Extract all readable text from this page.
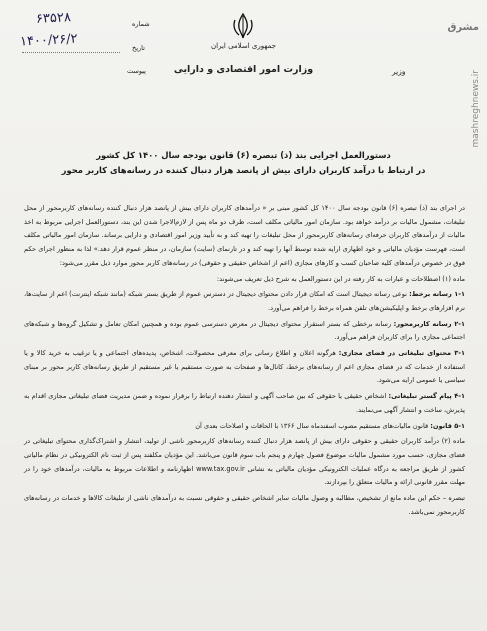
جمهوری اسلامی ایران
وزارت امور اقتصادی و دارایی	وزیر
شماره
۶۳۵۲۸
تاریخ
۱۴۰۰/۲۶/۲
پیوست
مشرق
mashreghnews.ir
دستورالعمل اجرایی بند (ذ) تبصره (۶) قانون بودجه سال ۱۴۰۰ کل کشور
در ارتباط با درآمد کاربران دارای بیش از پانصد هزار دنبال کننده در رسانه‌های کاربر محور

در اجرای بند (ذ) تبصره (۶) قانون بودجه سال ۱۴۰۰ کل کشور مبنی بر « درآمدهای کاربران دارای بیش از پانصد هزار دنبال کننده رسانه‌های کاربرمحور از محل تبلیغات، مشمول مالیات بر درآمد خواهد بود. سازمان امور مالیاتی مکلف است، ظرف دو ماه پس از لازم‌الاجرا شدن این بند، دستورالعمل اجرایی مربوط به اخذ مالیات از درآمدهای کاربران حرفه‌ای رسانه‌های کاربرمحور از محل تبلیغات را تهیه کند و به تأیید وزیر امور اقتصادی و دارایی برساند. سازمان امور مالیاتی مکلف است، فهرست مؤدیان مالیاتی و خود اظهاری ارایه شده توسط آنها را تهیه کند و در تارنمای (سایت) سازمان، در منظر عموم قرار دهد.» لذا به منظور اجرای حکم فوق در خصوص درآمدهای کلیه صاحبان کسب و کارهای مجازی (اعم از اشخاص حقیقی و حقوقی) در رسانه‌های کاربر محور موارد ذیل مقرر می‌شود:

ماده (۱) اصطلاحات و عبارات به کار رفته در این دستورالعمل به شرح ذیل تعریف می‌شوند:

۱-۱ رسانه برخط: نوعی رسانه دیجیتال است که امکان قرار دادن محتوای دیجیتال در دسترس عموم از طریق بستر شبکه (مانند شبکه اینترنت) اعم از سایت‌ها، نرم افزارهای برخط و اپلیکیشن‌های تلفن همراه برخط را فراهم می‌آورد.

۲-۱ رسانه کاربرمحور: رسانه برخطی که بستر استقرار محتوای دیجیتال در معرض دسترسی عموم بوده و همچنین امکان تعامل و تشکیل گروه‌ها و شبکه‌های اجتماعی مجازی را برای کاربران فراهم می‌آورد.

۳-۱ محتوای تبلیغاتی در فضای مجازی: هرگونه اعلان و اطلاع رسانی برای معرفی محصولات، اشخاص، پدیده‌های اجتماعی و یا ترغیب به خرید کالا و یا استفاده از خدمات که در فضای مجازی اعم از رسانه‌های برخط، کانال‌ها و صفحات به صورت مستقیم یا غیر مستقیم از طریق رسانه‌های کاربر محور بر مبنای سیاسی یا عمومی ارایه می‌شود.

۴-۱ پیام گستر تبلیغاتی: اشخاص حقیقی یا حقوقی که بین صاحب آگهی و انتشار دهنده ارتباط را برقرار نموده و ضمن مدیریت فضای تبلیغاتی مجازی اقدام به پذیرش، ساخت و انتشار آگهی می‌نمایند.

۵-۱ قانون: قانون مالیات‌های مستقیم مصوب اسفندماه سال ۱۳۶۶ با الحاقات و اصلاحات بعدی آن

ماده (۲) درآمد کاربران حقیقی و حقوقی دارای بیش از پانصد هزار دنبال کننده رسانه‌های کاربرمحور ناشی از تولید، انتشار و اشتراک‌گذاری محتوای تبلیغاتی در فضای مجازی، حسب مورد مشمول مالیات موضوع فصول چهارم و پنجم باب سوم قانون می‌باشد. این مؤدیان مکلفند پس از ثبت نام الکترونیکی در نظام مالیاتی کشور از طریق مراجعه به درگاه عملیات الکترونیکی مؤدیان مالیاتی به نشانی www.tax.gov.ir اظهارنامه و اطلاعات مربوط به مالیات، درآمدهای خود را در مهلت مقرر قانونی ارائه و مالیات متعلق را بپردازند.

تبصره – حکم این ماده مانع از تشخیص، مطالبه و وصول مالیات سایر اشخاص حقیقی و حقوقی نسبت به درآمدهای ناشی از تبلیغات کالاها و خدمات در رسانه‌های کاربرمحور نمی‌باشد.
